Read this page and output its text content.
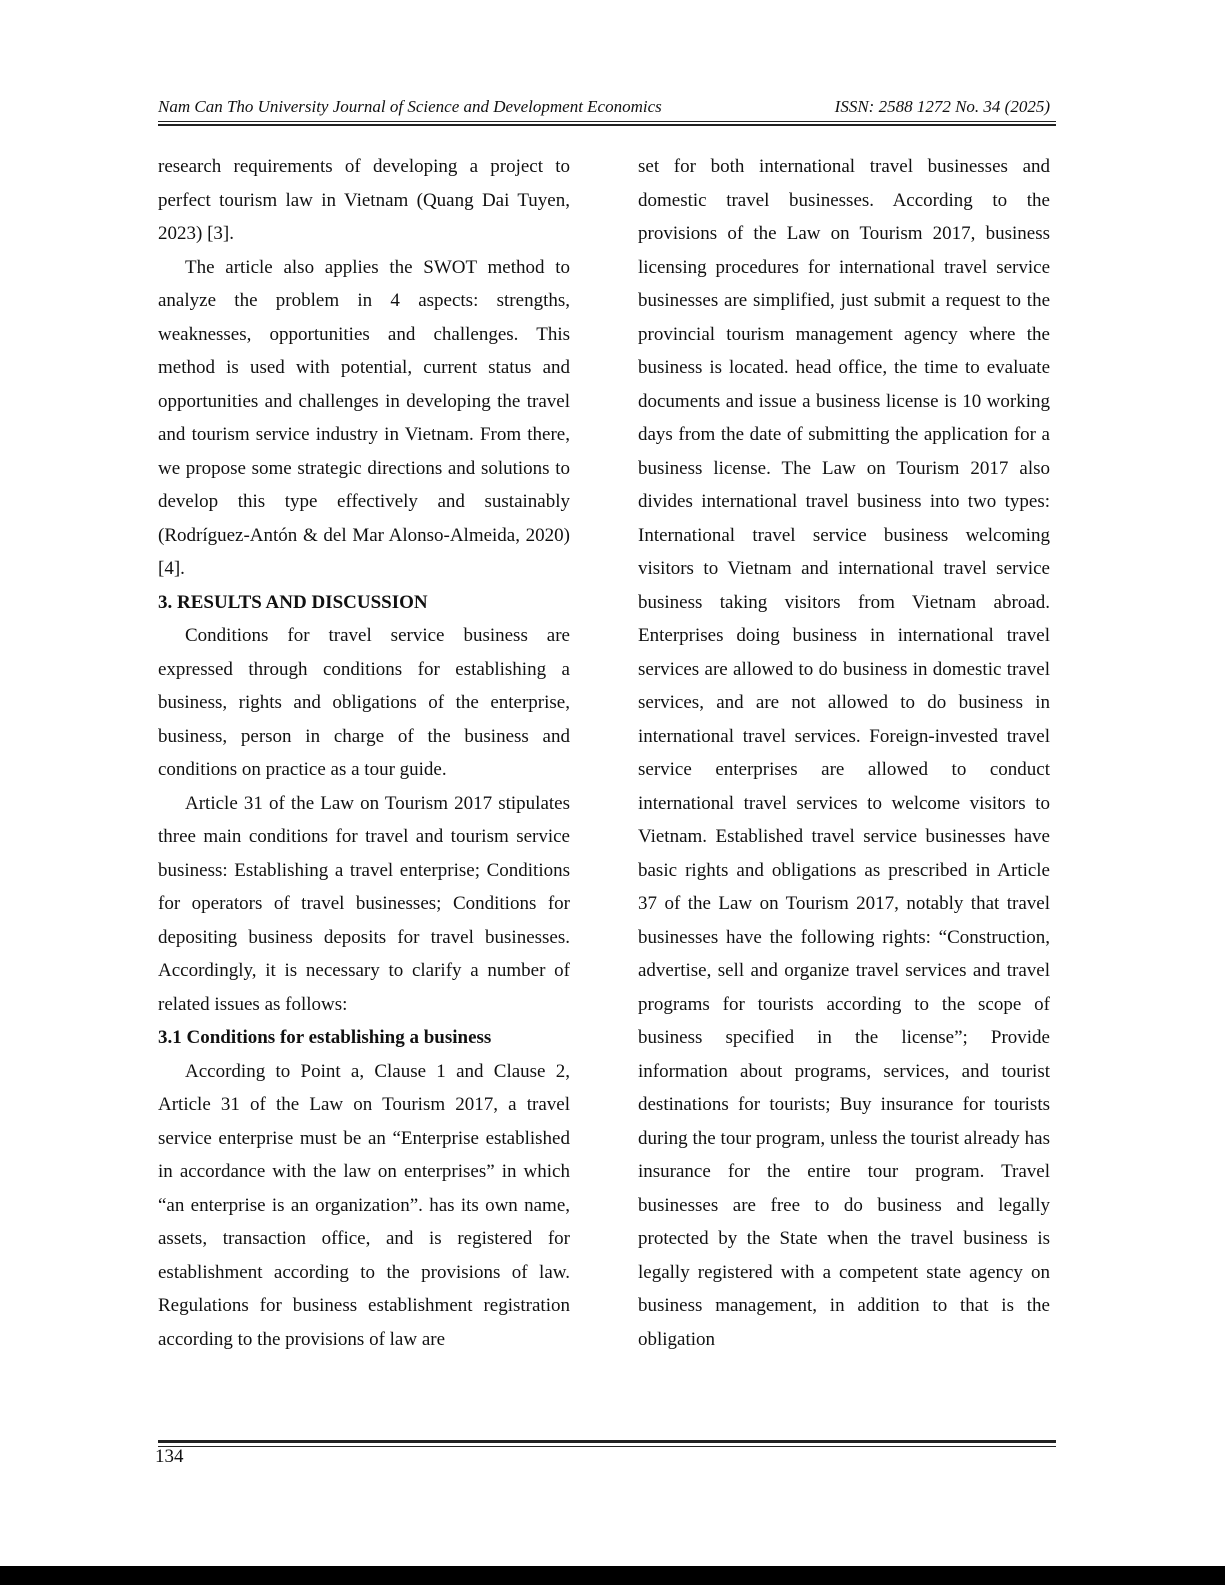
Nam Can Tho University Journal of Science and Development Economics	ISSN: 2588 1272 No. 34 (2025)

research requirements of developing a project to perfect tourism law in Vietnam (Quang Dai Tuyen, 2023) [3].

The article also applies the SWOT method to analyze the problem in 4 aspects: strengths, weaknesses, opportunities and challenges. This method is used with potential, current status and opportunities and challenges in developing the travel and tourism service industry in Vietnam. From there, we propose some strategic directions and solutions to develop this type effectively and sustainably (Rodríguez-Antón & del Mar Alonso-Almeida, 2020) [4].

3. RESULTS AND DISCUSSION

Conditions for travel service business are expressed through conditions for establishing a business, rights and obligations of the enterprise, business, person in charge of the business and conditions on practice as a tour guide.

Article 31 of the Law on Tourism 2017 stipulates three main conditions for travel and tourism service business: Establishing a travel enterprise; Conditions for operators of travel businesses; Conditions for depositing business deposits for travel businesses. Accordingly, it is necessary to clarify a number of related issues as follows:

3.1 Conditions for establishing a business

According to Point a, Clause 1 and Clause 2, Article 31 of the Law on Tourism 2017, a travel service enterprise must be an “Enterprise established in accordance with the law on enterprises” in which “an enterprise is an organization”. has its own name, assets, transaction office, and is registered for establishment according to the provisions of law. Regulations for business establishment registration according to the provisions of law are

set for both international travel businesses and domestic travel businesses. According to the provisions of the Law on Tourism 2017, business licensing procedures for international travel service businesses are simplified, just submit a request to the provincial tourism management agency where the business is located. head office, the time to evaluate documents and issue a business license is 10 working days from the date of submitting the application for a business license. The Law on Tourism 2017 also divides international travel business into two types: International travel service business welcoming visitors to Vietnam and international travel service business taking visitors from Vietnam abroad. Enterprises doing business in international travel services are allowed to do business in domestic travel services, and are not allowed to do business in international travel services. Foreign-invested travel service enterprises are allowed to conduct international travel services to welcome visitors to Vietnam. Established travel service businesses have basic rights and obligations as prescribed in Article 37 of the Law on Tourism 2017, notably that travel businesses have the following rights: “Construction, advertise, sell and organize travel services and travel programs for tourists according to the scope of business specified in the license”; Provide information about programs, services, and tourist destinations for tourists; Buy insurance for tourists during the tour program, unless the tourist already has insurance for the entire tour program. Travel businesses are free to do business and legally protected by the State when the travel business is legally registered with a competent state agency on business management, in addition to that is the obligation

134
